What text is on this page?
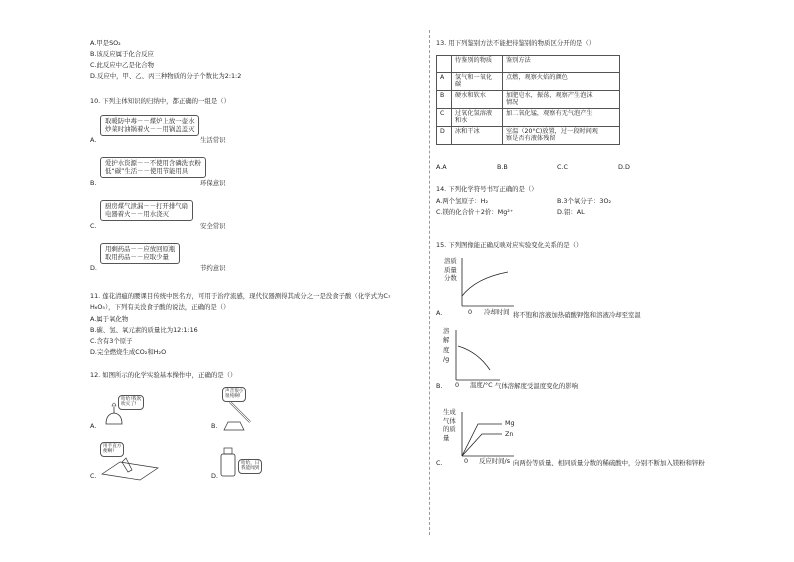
A.甲是SO₂
B.该反应属于化合反应
C.此反应中乙是化合物
D.反应中，甲、乙、丙三种物质的分子个数比为2:1:2
10. 下列主体知识的归纳中，都正确的一组是（）
A.
取暖防中毒－－煤炉上放一壶水
炒菜时油锅着火－－用锅盖盖灭
生活常识
B.
爱护水资源－－不使用含磷洗衣粉
低“碳”生活－－使用节能用具
环保意识
C.
厨房煤气泄漏－－打开排气扇
电器着火－－用水浇灭
安全常识
D.
用剩药品－－应放回原瓶
取用药品－－应取少量
节约意识
11. 莲花清瘟的腰课目传统中医名方，可用于治疗流感，现代仪器测得其成分之一是没食子酸（化学式为C₇
H₆O₅），下列有关没食子酸的说法，正确的是（）
A.属于氧化物
B.碳、氢、氧元素的质量比为12:1:16
C.含有3个原子
D.完全燃烧生成CO₂和H₂O
12. 如图所示的化学实验基本操作中，正确的是（）
A.
哈哈!我吹
吹灭了!
B.
声音很小
很纯啊!
C.
用手直方
便啊!
D.
哈哈，日
我能闻到
13. 用下列鉴别方法不能把待鉴别的物质区分开的是（）
	待鉴别的物质	鉴别方法
A	氢气和一氧化
碳	点燃，观察火焰的颜色

B	硬水和软水	加肥皂水，振荡，观察产生泡沫
情况

C	过氧化氢溶液
和水	加二氧化锰，观察有无气泡产生

D	冰和干冰	室温（20°C)放置，过一段时间观
察是否有液体残留
A.A	B.B	C.C	D.D
14. 下列化学符号书写正确的是（）
A.两个氢原子：H₂	B.3个氧分子：3O₂
C.镁的化合价＋2价：Mg²⁺	D.铝：AL
15. 下列图像能正确反映对应实验变化关系的是（）
A.
溶质
质量
分数
0 冷却时间 将不饱和溶液加热硝酸钾饱和溶液冷却至室温
B.
溶
解
度
/g
0 温度/°C 气体溶解度受温度变化的影响
C.
生成
气体
的质
量
Mg
Zn
0 反应时间/s 向两份等质量、相同质量分数的稀硫酸中，分别不断加入镁粉和锌粉
